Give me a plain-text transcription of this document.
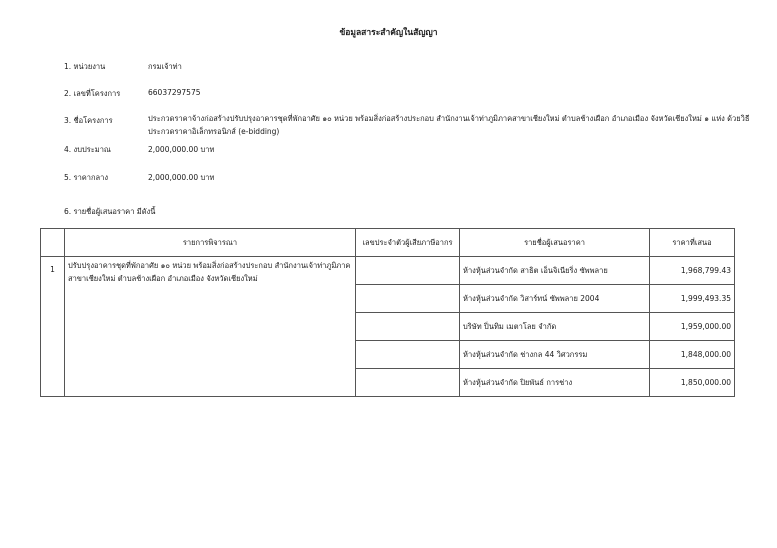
ข้อมูลสาระสำคัญในสัญญา
1. หน่วยงาน	กรมเจ้าท่า
2. เลขที่โครงการ	66037297575
3. ชื่อโครงการ	ประกวดราคาจ้างก่อสร้างปรับปรุงอาคารชุดที่พักอาศัย ๑๐ หน่วย พร้อมสิ่งก่อสร้างประกอบ สำนักงานเจ้าท่าภูมิภาคสาขาเชียงใหม่ ตำบลช้างเผือก อำเภอเมือง จังหวัดเชียงใหม่ ๑ แห่ง ด้วยวิธีประกวดราคาอิเล็กทรอนิกส์ (e-bidding)
4. งบประมาณ	2,000,000.00 บาท
5. ราคากลาง	2,000,000.00 บาท
6. รายชื่อผู้เสนอราคา มีดังนี้
	รายการพิจารณา	เลขประจำตัวผู้เสียภาษีอากร	รายชื่อผู้เสนอราคา	ราคาที่เสนอ
1	ปรับปรุงอาคารชุดที่พักอาศัย ๑๐ หน่วย พร้อมสิ่งก่อสร้างประกอบ สำนักงานเจ้าท่าภูมิภาคสาขาเชียงใหม่ ตำบลช้างเผือก อำเภอเมือง จังหวัดเชียงใหม่		ห้างหุ้นส่วนจำกัด สาธิต เอ็นจิเนียริ่ง ซัพพลาย	1,968,799.43
			ห้างหุ้นส่วนจำกัด วิสาร์ทน์ ซัพพลาย 2004	1,999,493.35
			บริษัท ปิ่นทิม เมตาโลย จำกัด	1,959,000.00
			ห้างหุ้นส่วนจำกัด ช่างกล 44 วิศวกรรม	1,848,000.00
			ห้างหุ้นส่วนจำกัด ปิยพันธ์ การช่าง	1,850,000.00
